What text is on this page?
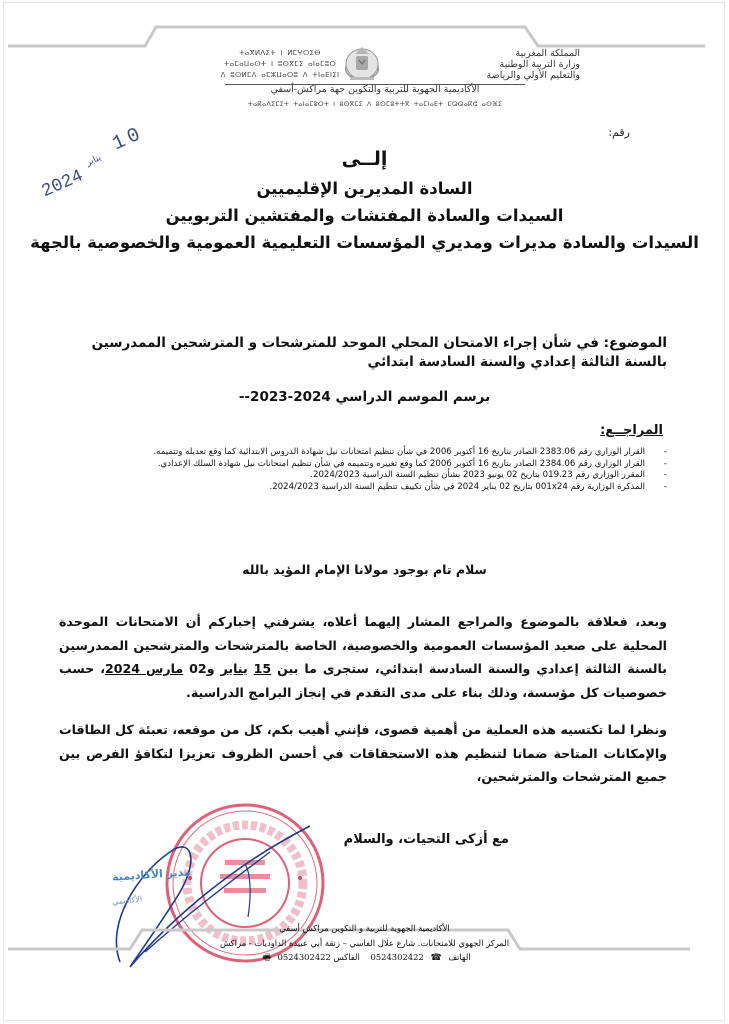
ⵜⴰⴳⵍⴷⵉⵜ ⵏ ⵍⵎⵖⵔⵉⴱ
ⵜⴰⵎⴰⵡⴰⵙⵜ ⵏ ⵓⵙⴳⵎⵉ ⴰⵏⴰⵎⵓⵔ
ⴷ ⵓⵙⵍⵎⴷ ⴰⵎⵣⵡⴰⵔⵓ ⴷ ⵜⵏⴰⴹⵏⵉⵏ
المملكة المغربية
وزارة التربية الوطنية
والتعليم الأولي والرياضة
الأكاديمية الجهوية للتربية والتكوين جهة مراكش-أسفي
ⵜⴰⴽⴰⴷⵉⵎⵉⵜ ⵜⴰⵏⴰⵎⵓⵔⵜ ⵏ ⵓⵙⴳⵎⵉ ⴷ ⵓⵙⵎⵓⵜⵜⴳ ⵜⴰⵎⵏⴰⴹⵜ ⵎⵕⵕⴰⴽⵛ ⴰⵙⴼⵉ
رقم:
2024
يناير
10
إلــى
السادة المديرين الإقليميين
السيدات والسادة المفتشات والمفتشين التربويين
السيدات والسادة مديرات ومديري المؤسسات التعليمية العمومية والخصوصية بالجهة
الموضوع: في شأن إجراء الامتحان المحلي الموحد للمترشحات و المترشحين الممدرسين بالسنة الثالثة إعدادي والسنة السادسة ابتدائي
برسم الموسم الدراسي 2024-2023--
المراجــع:
-
القرار الوزاري رقم 2383.06 الصادر بتاريخ 16 أكتوبر 2006 في شأن تنظيم امتحانات نيل شهادة الدروس الابتدائية كما وقع تعديله وتتميمه.
-
القرار الوزاري رقم 2384.06 الصادر بتاريخ 16 أكتوبر 2006 كما وقع تغييره وتتميمه في شأن تنظيم امتحانات نيل شهادة السلك الإعدادي.
-
المقرر الوزاري رقم 019.23 بتاريخ 02 يونيو 2023 بشأن تنظيم السنة الدراسية 2024/2023.
-
المذكرة الوزارية رقم 001x24 بتاريخ 02 يناير 2024 في شأن تكييف تنظيم السنة الدراسية 2024/2023.
سلام تام بوجود مولانا الإمام المؤيد بالله
وبعد، فعلاقة بالموضوع والمراجع المشار إليهما أعلاه، يشرفني إخباركم أن الامتحانات الموحدة المحلية على صعيد المؤسسات العمومية والخصوصية، الخاصة بالمترشحات والمترشحين الممدرسين بالسنة الثالثة إعدادي والسنة السادسة ابتدائي، ستجرى ما بين 15 يناير و02 مارس 2024، حسب خصوصيات كل مؤسسة، وذلك بناء على مدى التقدم في إنجاز البرامج الدراسية.
ونظرا لما تكتسيه هذه العملية من أهمية قصوى، فإنني أهيب بكم، كل من موقعه، تعبئة كل الطاقات والإمكانات المتاحة ضمانا لتنظيم هذه الاستحقاقات في أحسن الظروف تعزيزا لتكافؤ الفرص بين جميع المترشحات والمترشحين،
مع أزكى التحيات، والسلام
مدير الأكاديمية
الأكاديمي
الأكاديمية الجهوية للتربية و التكوين مراكش أسفي
المركز الجهوي للامتحانات. شارع علال الفاسي – زنقة أبي عبيدة الداوديات - مراكش
الهاتف ☎ 0524302422    الفاكس 0524302422 🖷
